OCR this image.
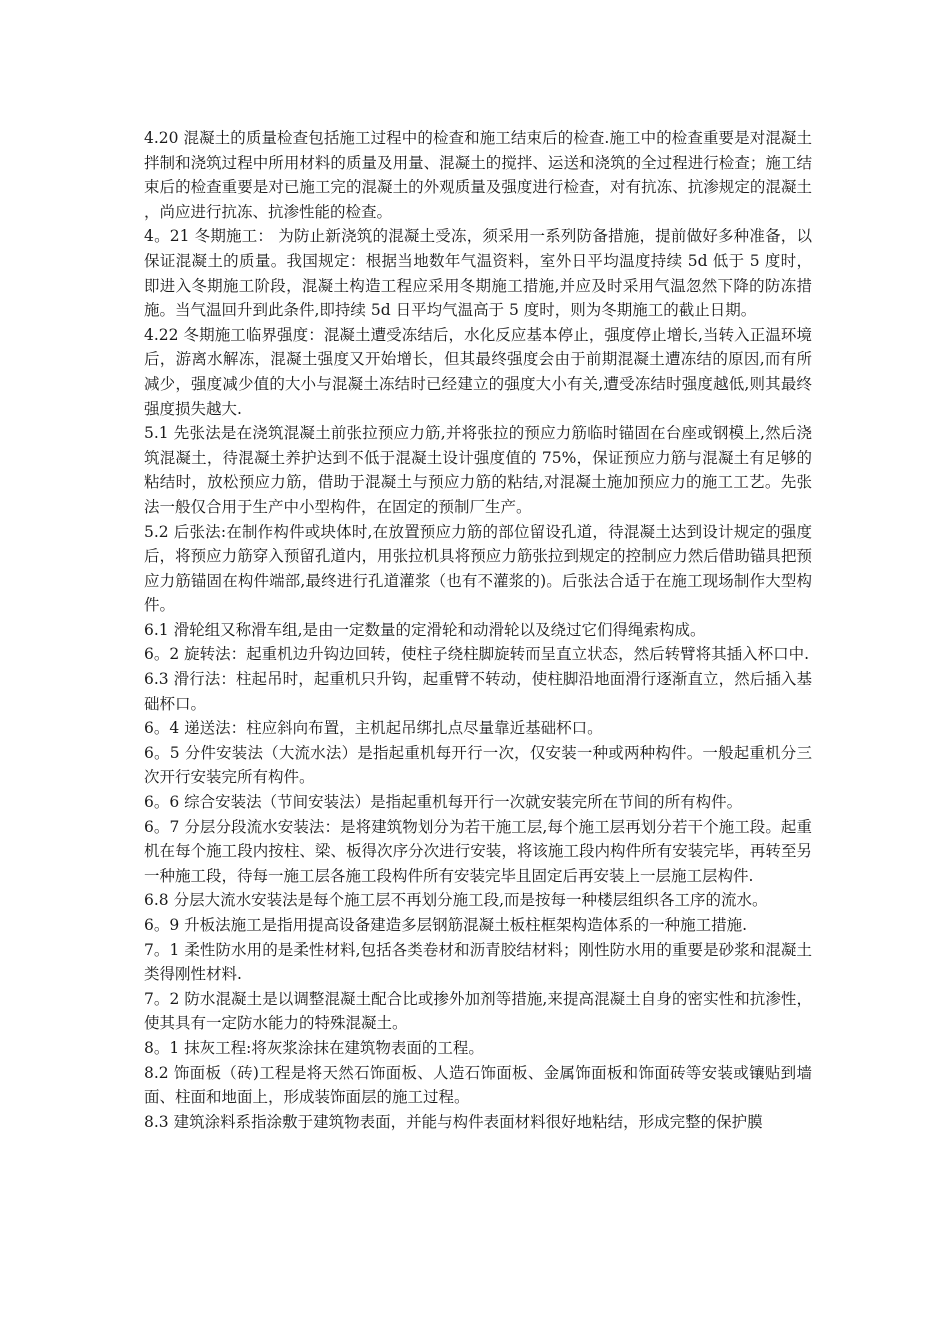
4.20 混凝土的质量检查包括施工过程中的检查和施工结束后的检查.施工中的检查重要是对混凝土拌制和浇筑过程中所用材料的质量及用量、混凝土的搅拌、运送和浇筑的全过程进行检查；施工结束后的检查重要是对已施工完的混凝土的外观质量及强度进行检查，对有抗冻、抗渗规定的混凝土，尚应进行抗冻、抗渗性能的检查。

4。21 冬期施工： 为防止新浇筑的混凝土受冻，须采用一系列防备措施，提前做好多种准备，以保证混凝土的质量。我国规定：根据当地数年气温资料，室外日平均温度持续 5d 低于 5 度时，即进入冬期施工阶段，混凝土构造工程应采用冬期施工措施,并应及时采用气温忽然下降的防冻措施。当气温回升到此条件,即持续 5d 日平均气温高于 5 度时，则为冬期施工的截止日期。

4.22 冬期施工临界强度：混凝土遭受冻结后，水化反应基本停止，强度停止增长,当转入正温环境后，游离水解冻，混凝土强度又开始增长，但其最终强度会由于前期混凝土遭冻结的原因,而有所减少，强度减少值的大小与混凝土冻结时已经建立的强度大小有关,遭受冻结时强度越低,则其最终强度损失越大.

5.1 先张法是在浇筑混凝土前张拉预应力筋,并将张拉的预应力筋临时锚固在台座或钢模上,然后浇筑混凝土，待混凝土养护达到不低于混凝土设计强度值的 75%，保证预应力筋与混凝土有足够的粘结时，放松预应力筋，借助于混凝土与预应力筋的粘结,对混凝土施加预应力的施工工艺。先张法一般仅合用于生产中小型构件，在固定的预制厂生产。

5.2 后张法:在制作构件或块体时,在放置预应力筋的部位留设孔道，待混凝土达到设计规定的强度后，将预应力筋穿入预留孔道内，用张拉机具将预应力筋张拉到规定的控制应力然后借助锚具把预应力筋锚固在构件端部,最终进行孔道灌浆（也有不灌浆的)。后张法合适于在施工现场制作大型构件。

6.1 滑轮组又称滑车组,是由一定数量的定滑轮和动滑轮以及绕过它们得绳索构成。

6。2 旋转法：起重机边升钩边回转，使柱子绕柱脚旋转而呈直立状态，然后转臂将其插入杯口中.

6.3 滑行法：柱起吊时，起重机只升钩，起重臂不转动，使柱脚沿地面滑行逐渐直立，然后插入基础杯口。

6。4 递送法：柱应斜向布置，主机起吊绑扎点尽量靠近基础杯口。

6。5 分件安装法（大流水法）是指起重机每开行一次，仅安装一种或两种构件。一般起重机分三次开行安装完所有构件。

6。6 综合安装法（节间安装法）是指起重机每开行一次就安装完所在节间的所有构件。

6。7 分层分段流水安装法：是将建筑物划分为若干施工层,每个施工层再划分若干个施工段。起重机在每个施工段内按柱、梁、板得次序分次进行安装，将该施工段内构件所有安装完毕，再转至另一种施工段，待每一施工层各施工段构件所有安装完毕且固定后再安装上一层施工层构件.

6.8 分层大流水安装法是每个施工层不再划分施工段,而是按每一种楼层组织各工序的流水。

6。9 升板法施工是指用提高设备建造多层钢筋混凝土板柱框架构造体系的一种施工措施.

7。1 柔性防水用的是柔性材料,包括各类卷材和沥青胶结材料；刚性防水用的重要是砂浆和混凝土类得刚性材料.

7。2 防水混凝土是以调整混凝土配合比或掺外加剂等措施,来提高混凝土自身的密实性和抗渗性，使其具有一定防水能力的特殊混凝土。

8。1 抹灰工程:将灰浆涂抹在建筑物表面的工程。

8.2 饰面板（砖)工程是将天然石饰面板、人造石饰面板、金属饰面板和饰面砖等安装或镶贴到墙面、柱面和地面上，形成装饰面层的施工过程。

8.3 建筑涂料系指涂敷于建筑物表面，并能与构件表面材料很好地粘结，形成完整的保护膜
